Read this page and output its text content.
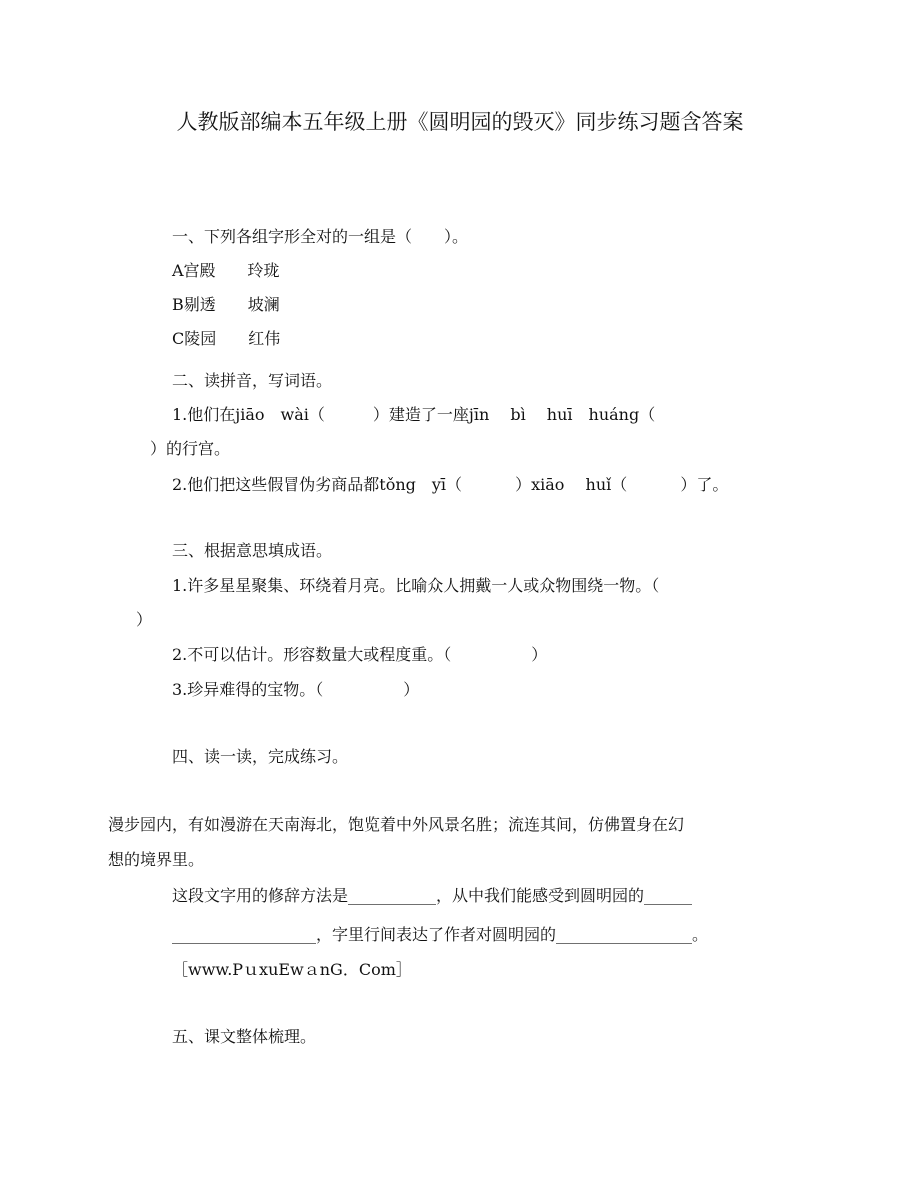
人教版部编本五年级上册《圆明园的毁灭》同步练习题含答案
一、下列各组字形全对的一组是（　　）。
A宫殿　　玲珑
B剔透　　坡澜
C陵园　　红伟
二、读拼音，写词语。
1.他们在jiāo　wài（　　　）建造了一座jīn　 bì　 huī　huáng（
）的行宫。
2.他们把这些假冒伪劣商品都tǒng　yī（　　　 ）xiāo　 huǐ（　　　 ）了。
三、根据意思填成语。
1.许多星星聚集、环绕着月亮。比喻众人拥戴一人或众物围绕一物。（
）
2.不可以估计。形容数量大或程度重。（　　　　　）
3.珍异难得的宝物。（　　　　　）
四、读一读，完成练习。
漫步园内，有如漫游在天南海北，饱览着中外风景名胜；流连其间，仿佛置身在幻
想的境界里。
这段文字用的修辞方法是___________，从中我们能感受到圆明园的______
__________________，字里行间表达了作者对圆明园的_________________。
［www.PｕxuEwａnG．Com］
五、课文整体梳理。
